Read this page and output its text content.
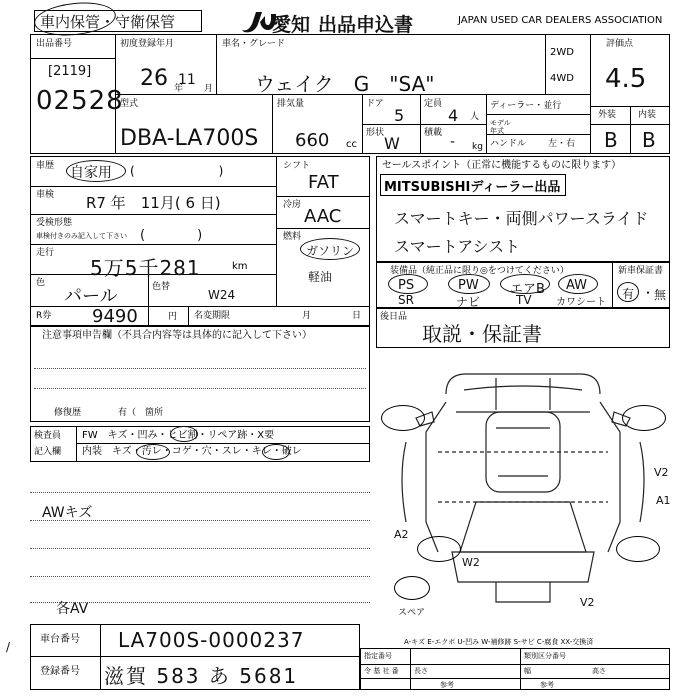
車内保管・守衛保管	愛知 出品申込書	JAPAN USED CAR DEALERS ASSOCIATION
出品番号
[2119]
02528
初度登録年月
26 年
11
月
車名・グレード
ウェイク　G　"SA"
2WD
4WD
評価点
4.5
外装 内装
B B
型式
DBA-LA700S
排気量
660 cc
ドア
5
定員
4 人
形状
W
積載
- kg
ディーラー・並行
モデル年式
ハンドル 左・右
車歴 自家用 (　　　　　　　)	シフト
FAT
車検 R7 年　11月( 6 日)	冷房
AAC
受検形態
車検付きのみ記入して下さい (　　　　)	燃料
ガソリン
軽油
走行
5万5千281	km
色
パール	色替
W24
R券 9490	円 名変期限	月	日
注意事項申告欄（不具合内容等は具体的に記入して下さい）
修復歴	有（　箇所
検査員
記入欄
FW　キズ・凹み・ヒビ割・リペア跡・X要
内装　キズ・汚レ・コゲ・穴・スレ・キレ・破レ
AWキズ
各AV
車台番号 LA700S-0000237
登録番号 滋賀 583 あ 5681
/
セールスポイント（正常に機能するものに限ります）
MITSUBISHIディーラー出品
スマートキー・両側パワースライド
スマートアシスト
装備品（純正品に限り◎をつけてください）	新車保証書
有 ・ 無
PS	PW エアB AW
SR	ナビ	TV カワシート
後日品
取説・保証書
スペア
V2
A1
A2
W2
V2
A-キズ E-エクボ U-凹み W-補修跡 S-サビ C-腐食 XX-交換済
指定番号	類別区分番号
令 基 社 番 長さ	幅	高さ
参考	参考
